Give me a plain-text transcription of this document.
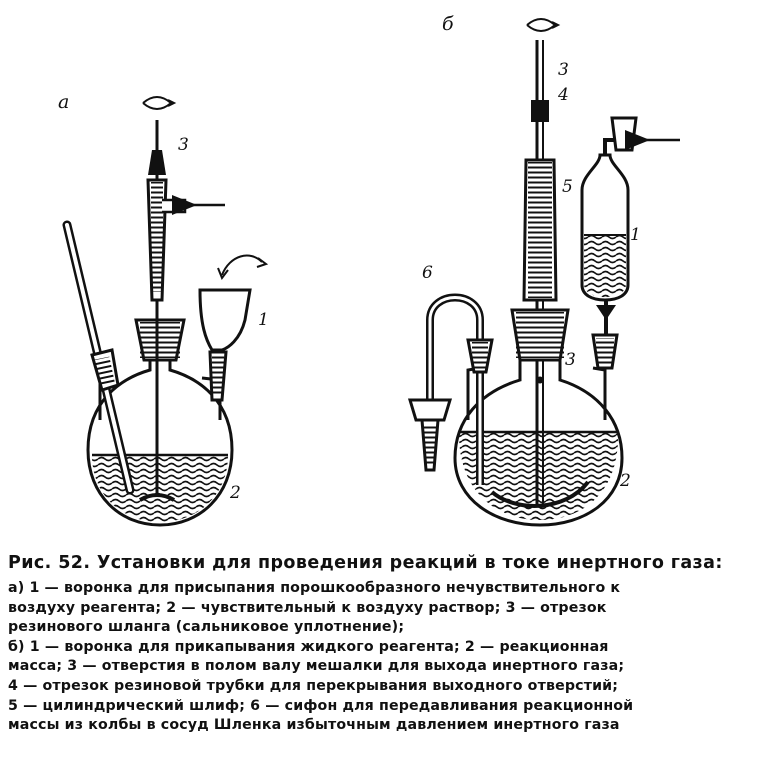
а
1
2
3
б
1
2
3
3
4
5
6
Рис. 52. Установки для проведения реакций в токе инертного газа:
а) 1 — воронка для присыпания порошкообразного нечувствительного к
воздуху реагента; 2 — чувствительный к воздуху раствор; 3 — отрезок
резинового шланга (сальниковое уплотнение);
б) 1 — воронка для прикапывания жидкого реагента; 2 — реакционная
масса; 3 — отверстия в полом валу мешалки для выхода инертного газа;
4 — отрезок резиновой трубки для перекрывания выходного отверстий;
5 — цилиндрический шлиф; 6 — сифон для передавливания реакционной
массы из колбы в сосуд Шленка избыточным давлением инертного газа
